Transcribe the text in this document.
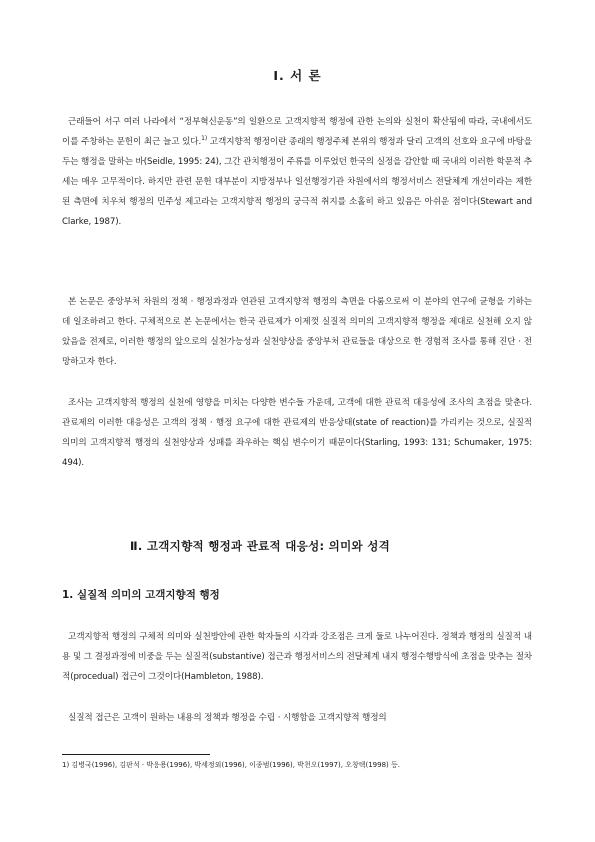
Ⅰ. 서 론

근래들어 서구 여러 나라에서 “정부혁신운동”의 일환으로 고객지향적 행정에 관한 논의와 실천이 확산됨에 따라, 국내에서도 이를 주창하는 문헌이 최근 늘고 있다.$^{1)}$ 고객지향적 행정이란 종래의 행정주체 본위의 행정과 달리 고객의 선호와 요구에 바탕을 두는 행정을 말하는 바(Seidle, 1995: 24), 그간 관치행정이 주류를 이루었던 한국의 실정을 감안할 때 국내의 이러한 학문적 추세는 매우 고무적이다. 하지만 관련 문헌 대부분이 지방정부나 일선행정기관 차원에서의 행정서비스 전달체계 개선이라는 제한된 측면에 치우쳐 행정의 민주성 제고라는 고객지향적 행정의 궁극적 취지를 소홀히 하고 있음은 아쉬운 점이다(Stewart and Clarke, 1987).

본 논문은 중앙부처 차원의 정책 · 행정과정과 연관된 고객지향적 행정의 측면을 다룸으로써 이 분야의 연구에 균형을 기하는 데 일조하려고 한다. 구체적으로 본 논문에서는 한국 관료제가 이제껏 실질적 의미의 고객지향적 행정을 제대로 실천해 오지 않았음을 전제로, 이러한 행정의 앞으로의 실천가능성과 실천양상을 중앙부처 관료들을 대상으로 한 경험적 조사를 통해 진단 · 전망하고자 한다.

조사는 고객지향적 행정의 실천에 영향을 미치는 다양한 변수들 가운데, 고객에 대한 관료적 대응성에 조사의 초점을 맞춘다. 관료제의 이러한 대응성은 고객의 정책 · 행정 요구에 대한 관료제의 반응상태(state of reaction)를 가리키는 것으로, 실질적 의미의 고객지향적 행정의 실천양상과 성패를 좌우하는 핵심 변수이기 때문이다(Starling, 1993: 131; Schumaker, 1975: 494).

Ⅱ. 고객지향적 행정과 관료적 대응성: 의미와 성격
1. 실질적 의미의 고객지향적 행정

고객지향적 행정의 구체적 의미와 실천방안에 관한 학자들의 시각과 강조점은 크게 둘로 나누어진다. 정책과 행정의 실질적 내용 및 그 결정과정에 비중을 두는 실질적(substantive) 접근과 행정서비스의 전달체계 내지 행정수행방식에 초점을 맞추는 절차적(procedual) 접근이 그것이다(Hambleton, 1988).

실질적 접근은 고객이 원하는 내용의 정책과 행정을 수립 · 시행함을 고객지향적 행정의

1) 김병국(1996), 김판석 · 박응용(1996), 박세정외(1996), 이종범(1996), 박천오(1997), 오창택(1998) 등.
